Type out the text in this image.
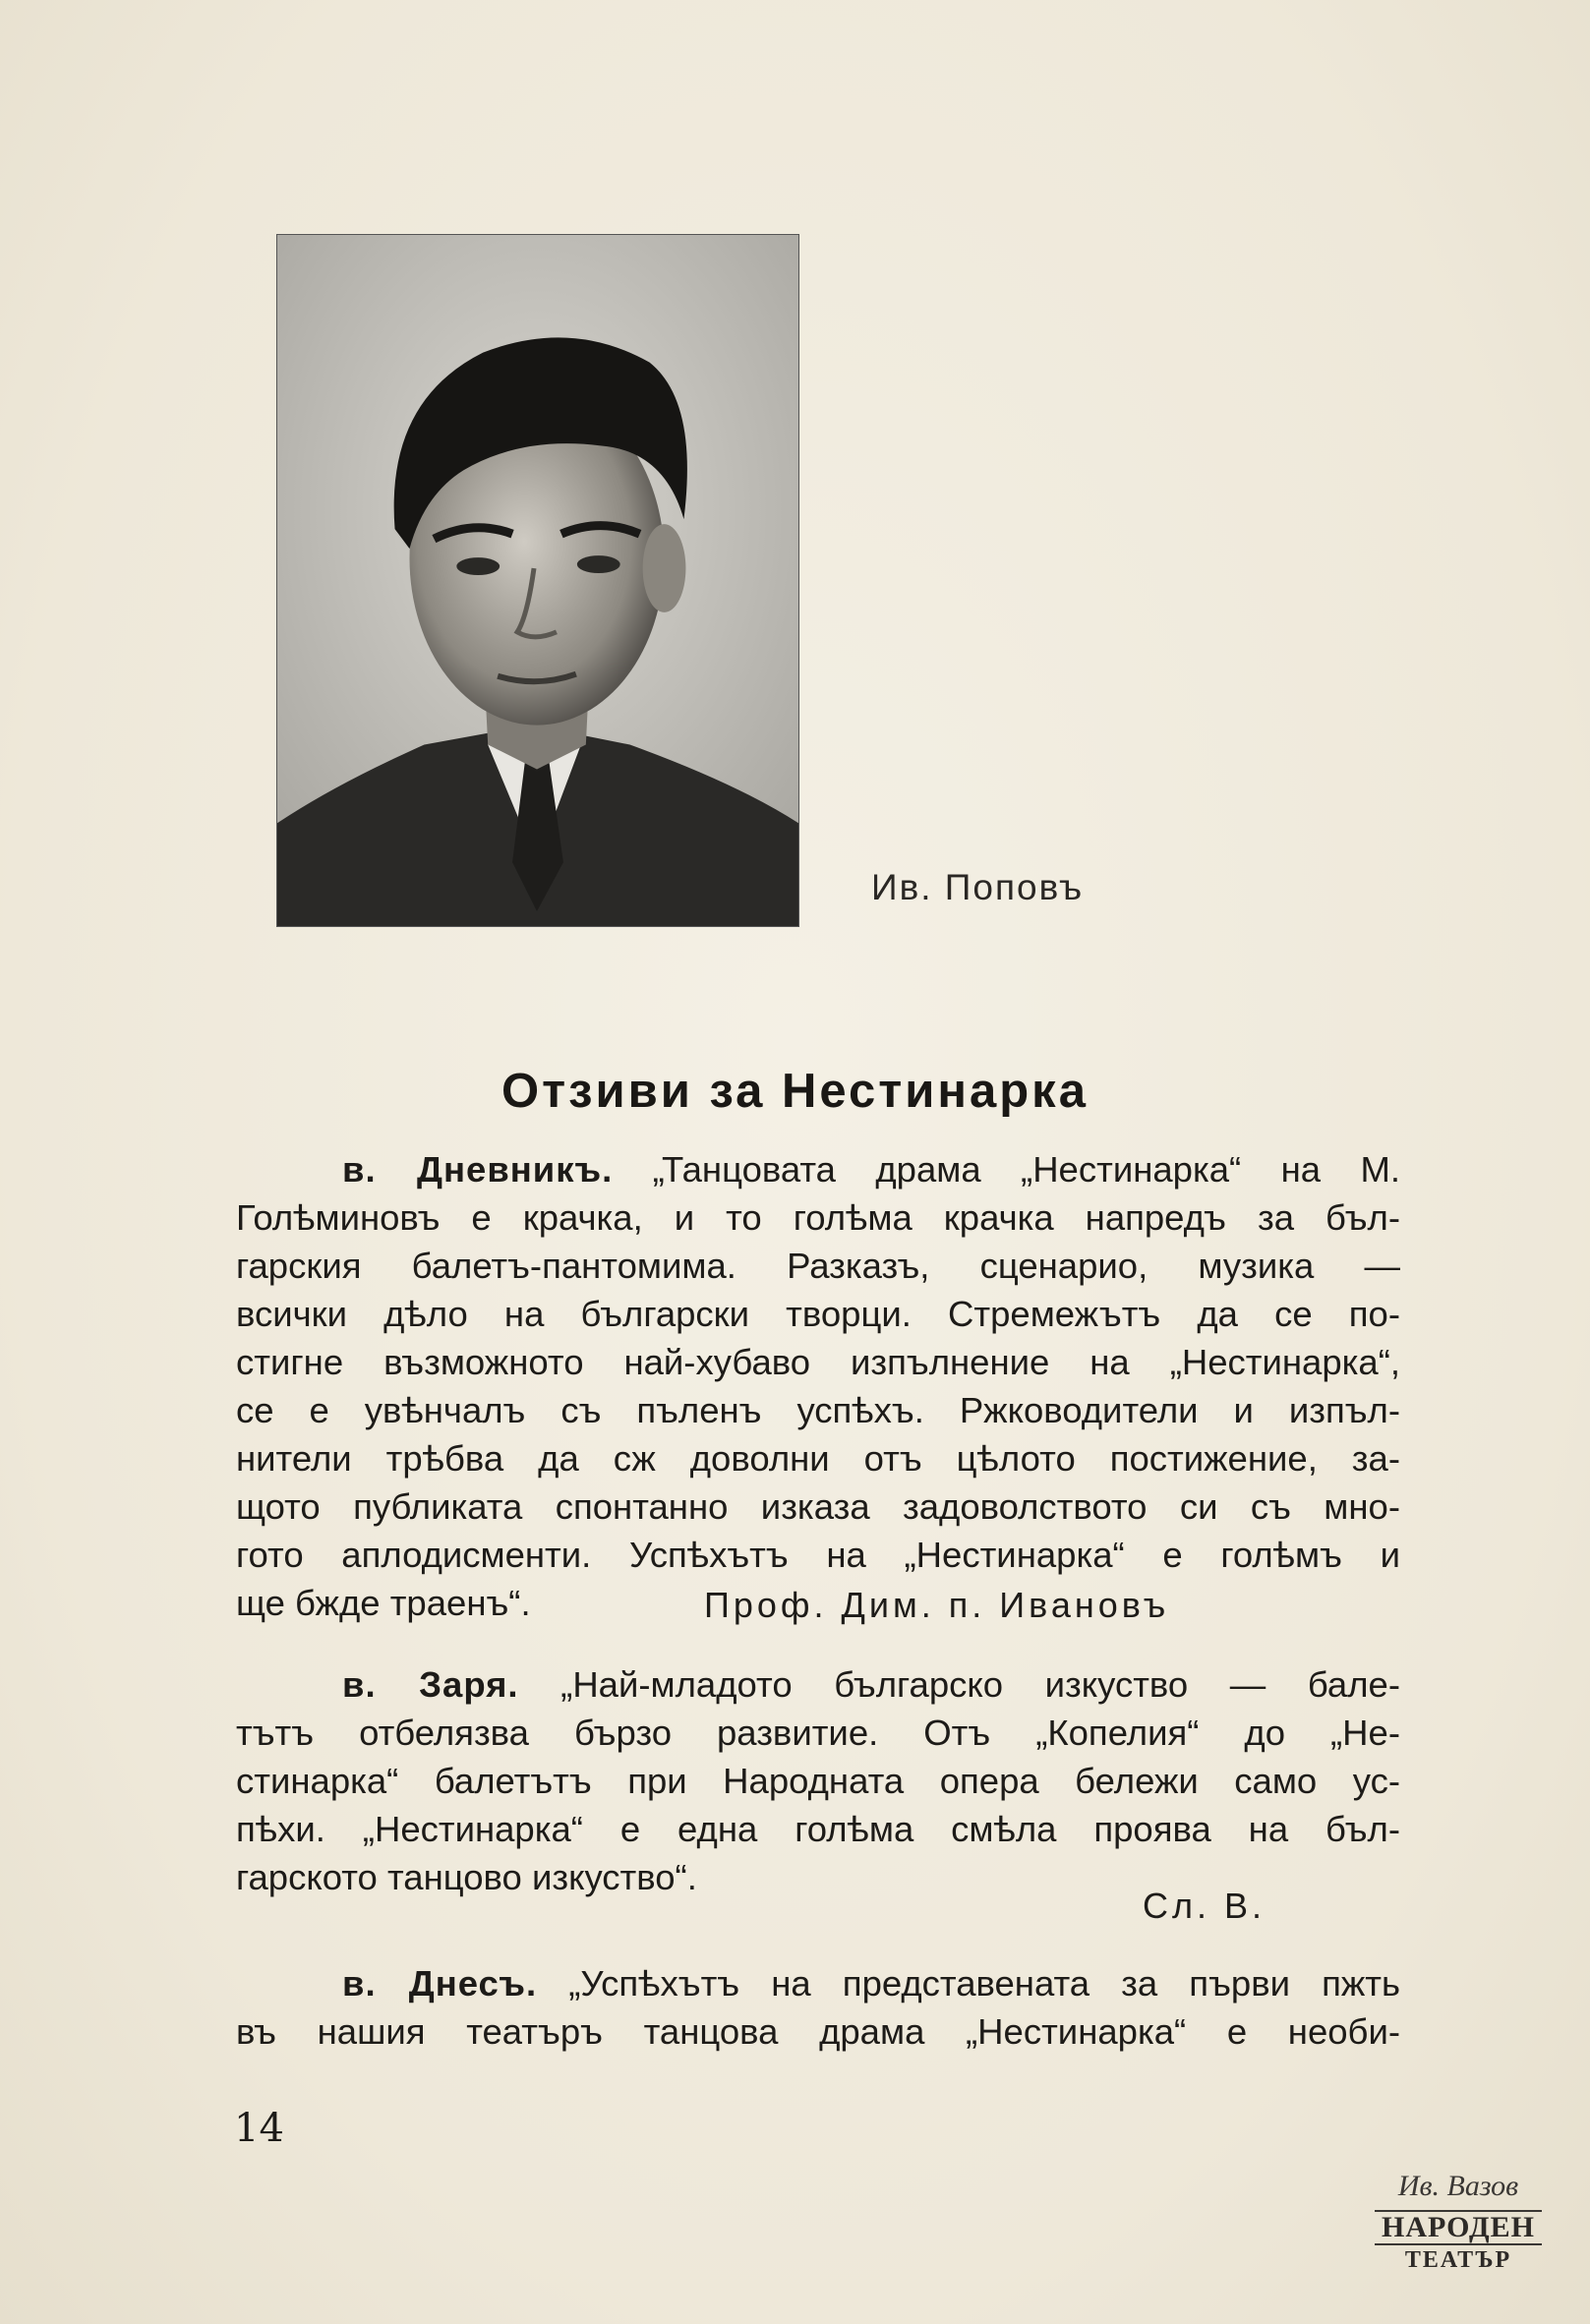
Ив. Поповъ
Отзиви за Нестинарка
в. Дневникъ. „Танцовата драма „Нестинарка“ на М.
Голѣминовъ е крачка, и то голѣма крачка напредъ за бъл-
гарския балетъ-пантомима. Разказъ, сценарио, музика —
всички дѣло на български творци. Стремежътъ да се по-
стигне възможното най-хубаво изпълнение на „Нестинарка“,
се е увѣнчалъ съ пъленъ успѣхъ. Ржководители и изпъл-
нители трѣбва да сж доволни отъ цѣлото постижение, за-
щото публиката спонтанно изказа задоволството си съ мно-
гото аплодисменти. Успѣхътъ на „Нестинарка“ е голѣмъ и
ще бжде траенъ“.	Проф. Дим. п. Ивановъ
в. Заря. „Най-младото българско изкуство — бале-
тътъ отбелязва бързо развитие. Отъ „Копелия“ до „Не-
стинарка“ балетътъ при Народната опера бележи само ус-
пѣхи. „Нестинарка“ е една голѣма смѣла проява на бъл-
гарското танцово изкуство“.
Сл. В.
в. Днесъ. „Успѣхътъ на представената за първи пжть
въ нашия театъръ танцова драма „Нестинарка“ е необи-
14
Ив. Вазов
НАРОДЕН
ТЕАТЪР
